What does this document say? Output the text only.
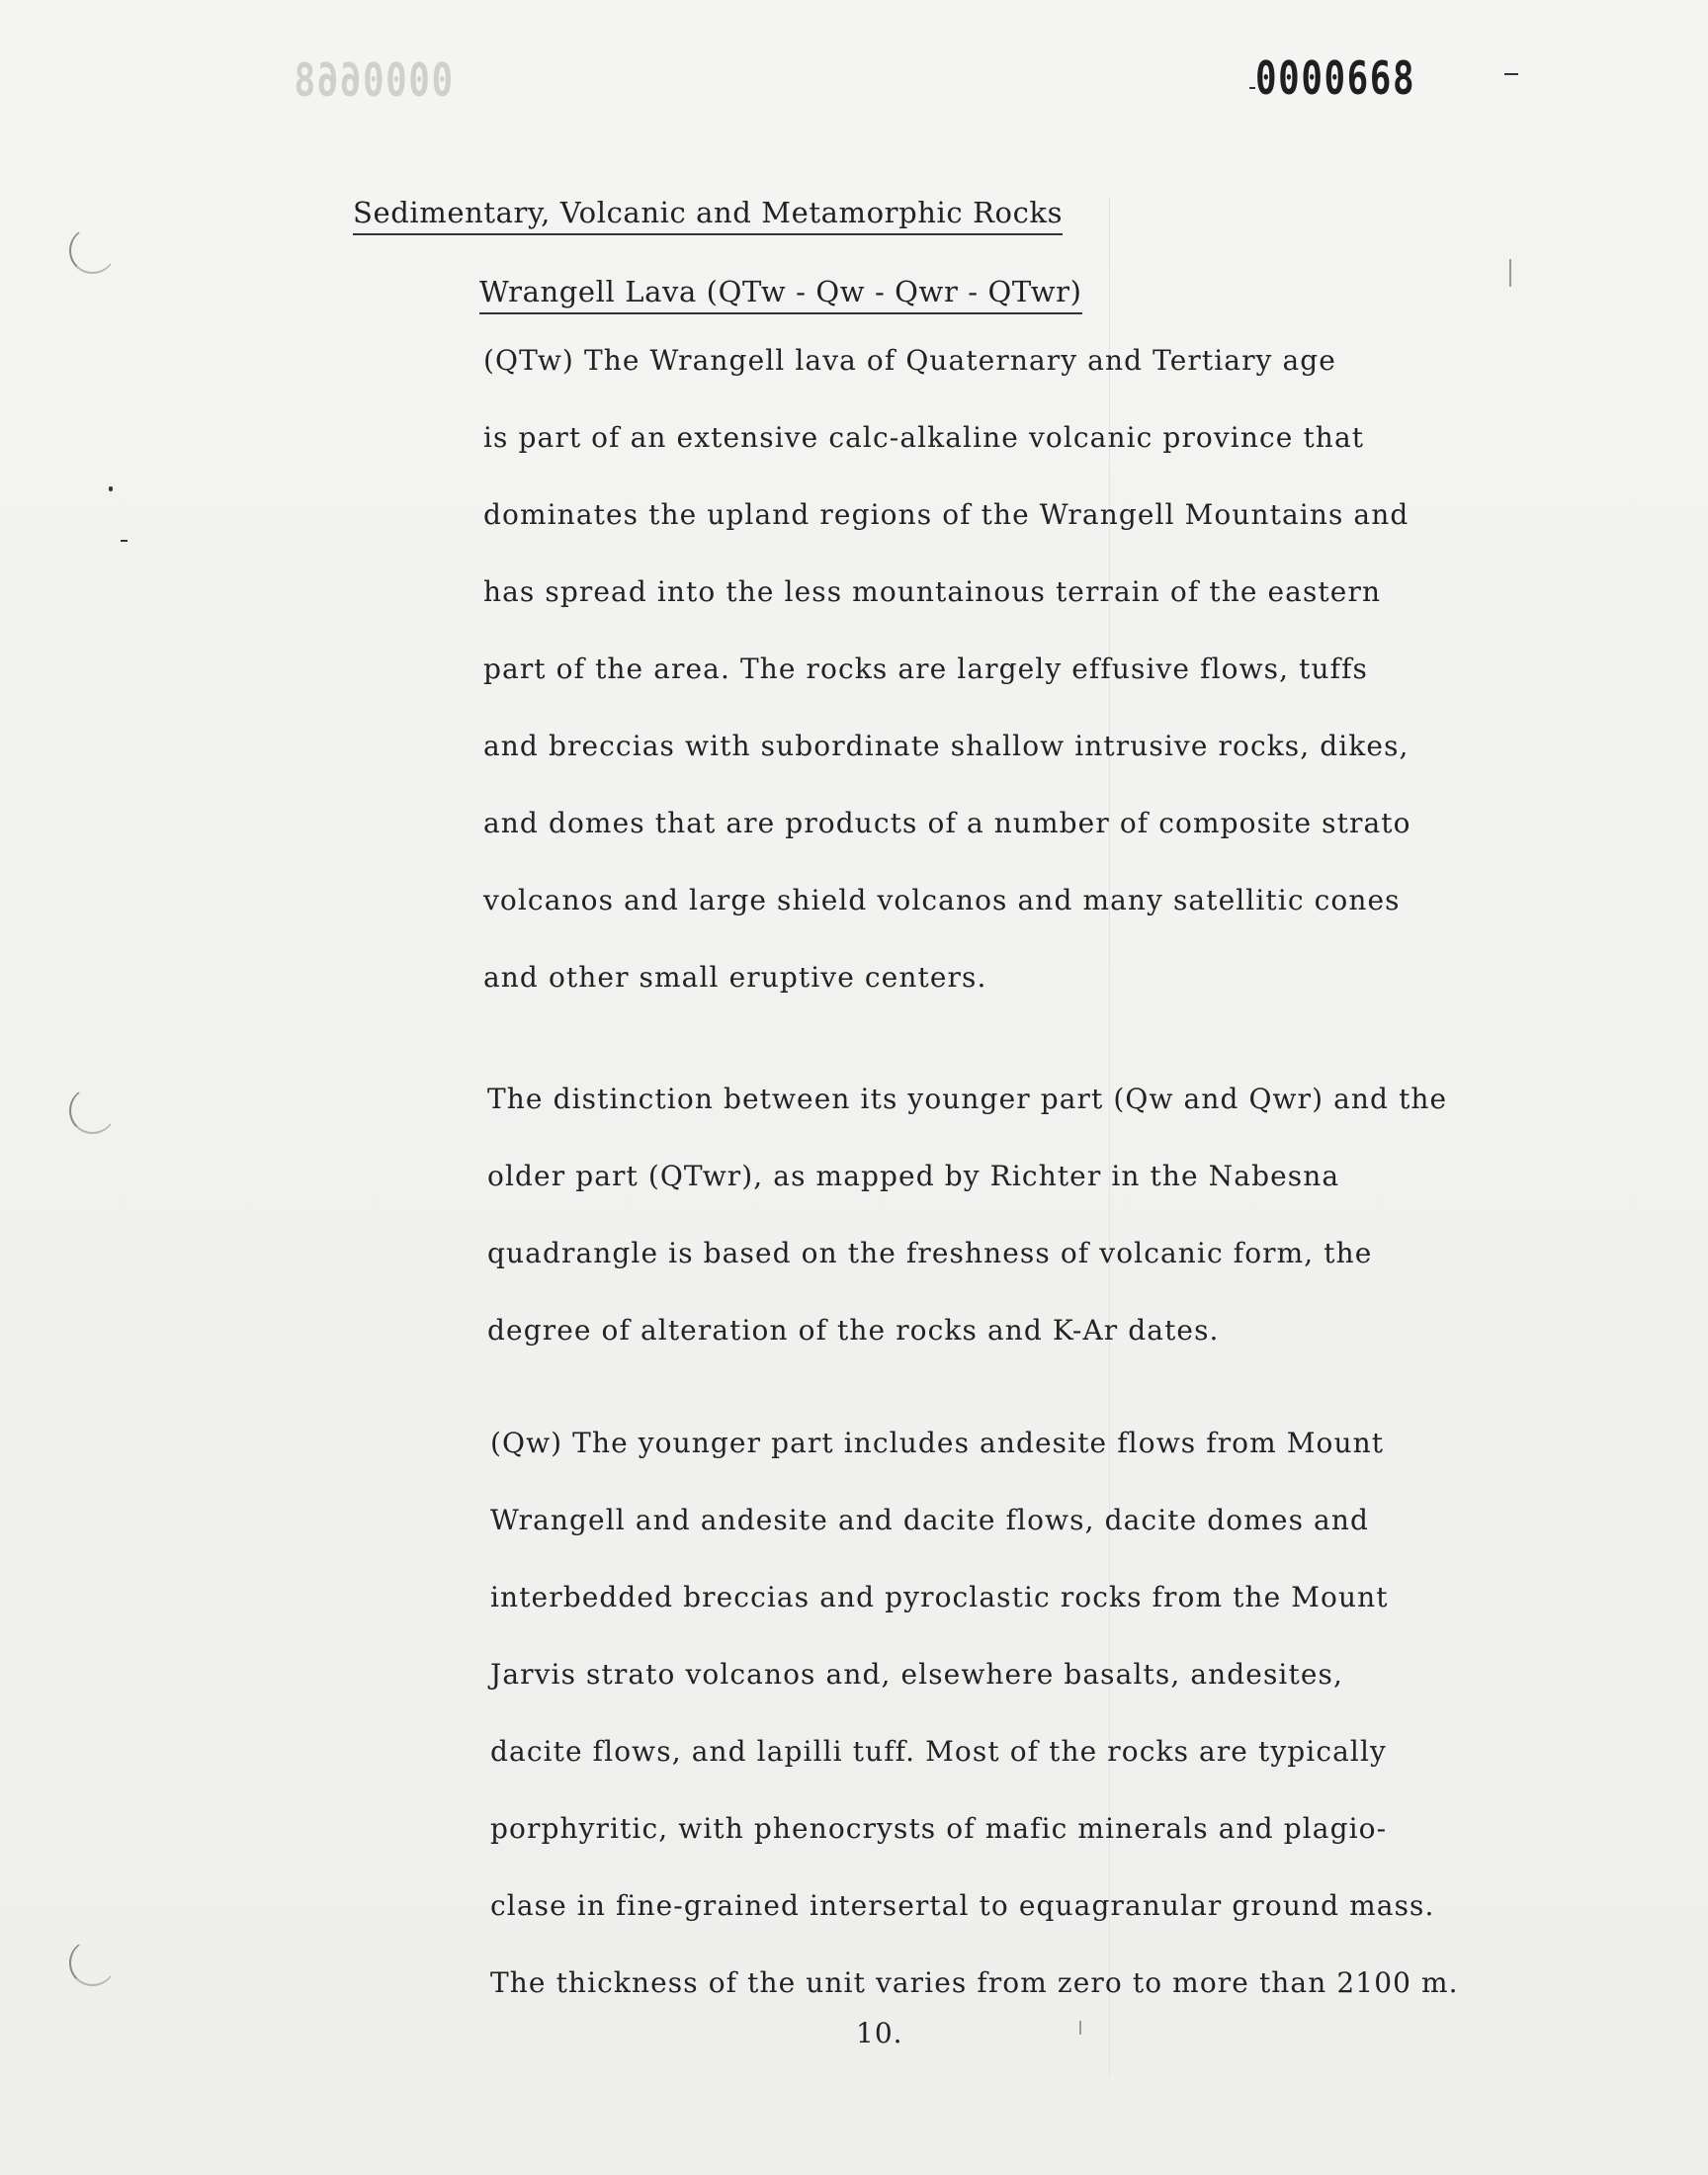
0000668	0000668
Sedimentary, Volcanic and Metamorphic Rocks
Wrangell Lava (QTw - Qw - Qwr - QTwr)
(QTw) The Wrangell lava of Quaternary and Tertiary age
is part of an extensive calc-alkaline volcanic province that
dominates the upland regions of the Wrangell Mountains and
has spread into the less mountainous terrain of the eastern
part of the area. The rocks are largely effusive flows, tuffs
and breccias with subordinate shallow intrusive rocks, dikes,
and domes that are products of a number of composite strato
volcanos and large shield volcanos and many satellitic cones
and other small eruptive centers.
The distinction between its younger part (Qw and Qwr) and the
older part (QTwr), as mapped by Richter in the Nabesna
quadrangle is based on the freshness of volcanic form, the
degree of alteration of the rocks and K-Ar dates.
(Qw) The younger part includes andesite flows from Mount
Wrangell and andesite and dacite flows, dacite domes and
interbedded breccias and pyroclastic rocks from the Mount
Jarvis strato volcanos and, elsewhere basalts, andesites,
dacite flows, and lapilli tuff. Most of the rocks are typically
porphyritic, with phenocrysts of mafic minerals and plagio-
clase in fine-grained intersertal to equagranular ground mass.
The thickness of the unit varies from zero to more than 2100 m.
10.
